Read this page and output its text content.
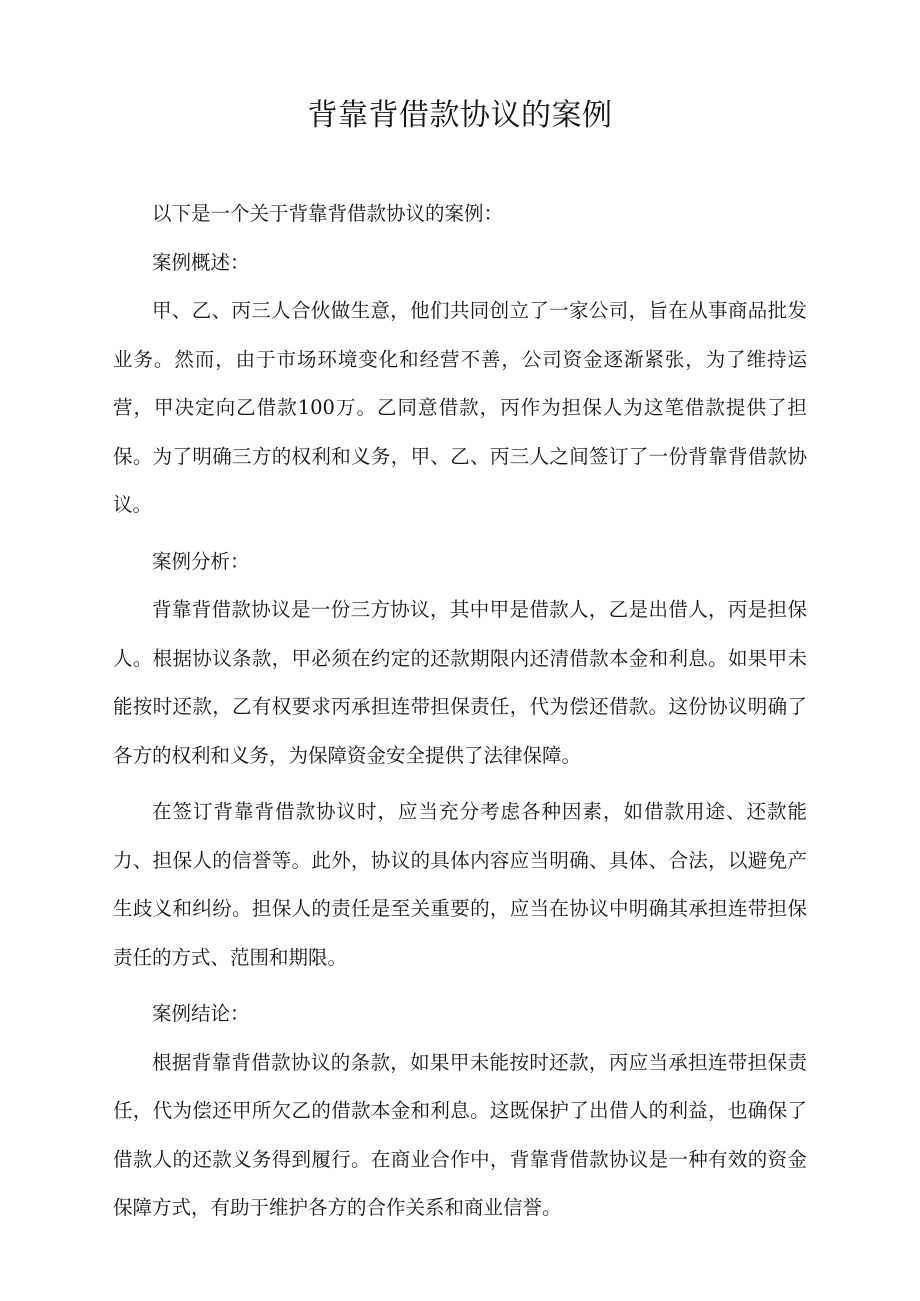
背靠背借款协议的案例

以下是一个关于背靠背借款协议的案例：

案例概述：

甲、乙、丙三人合伙做生意，他们共同创立了一家公司，旨在从事商品批发业务。然而，由于市场环境变化和经营不善，公司资金逐渐紧张，为了维持运营，甲决定向乙借款100万。乙同意借款，丙作为担保人为这笔借款提供了担保。为了明确三方的权利和义务，甲、乙、丙三人之间签订了一份背靠背借款协议。

案例分析：

背靠背借款协议是一份三方协议，其中甲是借款人，乙是出借人，丙是担保人。根据协议条款，甲必须在约定的还款期限内还清借款本金和利息。如果甲未能按时还款，乙有权要求丙承担连带担保责任，代为偿还借款。这份协议明确了各方的权利和义务，为保障资金安全提供了法律保障。

在签订背靠背借款协议时，应当充分考虑各种因素，如借款用途、还款能力、担保人的信誉等。此外，协议的具体内容应当明确、具体、合法，以避免产生歧义和纠纷。担保人的责任是至关重要的，应当在协议中明确其承担连带担保责任的方式、范围和期限。

案例结论：

根据背靠背借款协议的条款，如果甲未能按时还款，丙应当承担连带担保责任，代为偿还甲所欠乙的借款本金和利息。这既保护了出借人的利益，也确保了借款人的还款义务得到履行。在商业合作中，背靠背借款协议是一种有效的资金保障方式，有助于维护各方的合作关系和商业信誉。
